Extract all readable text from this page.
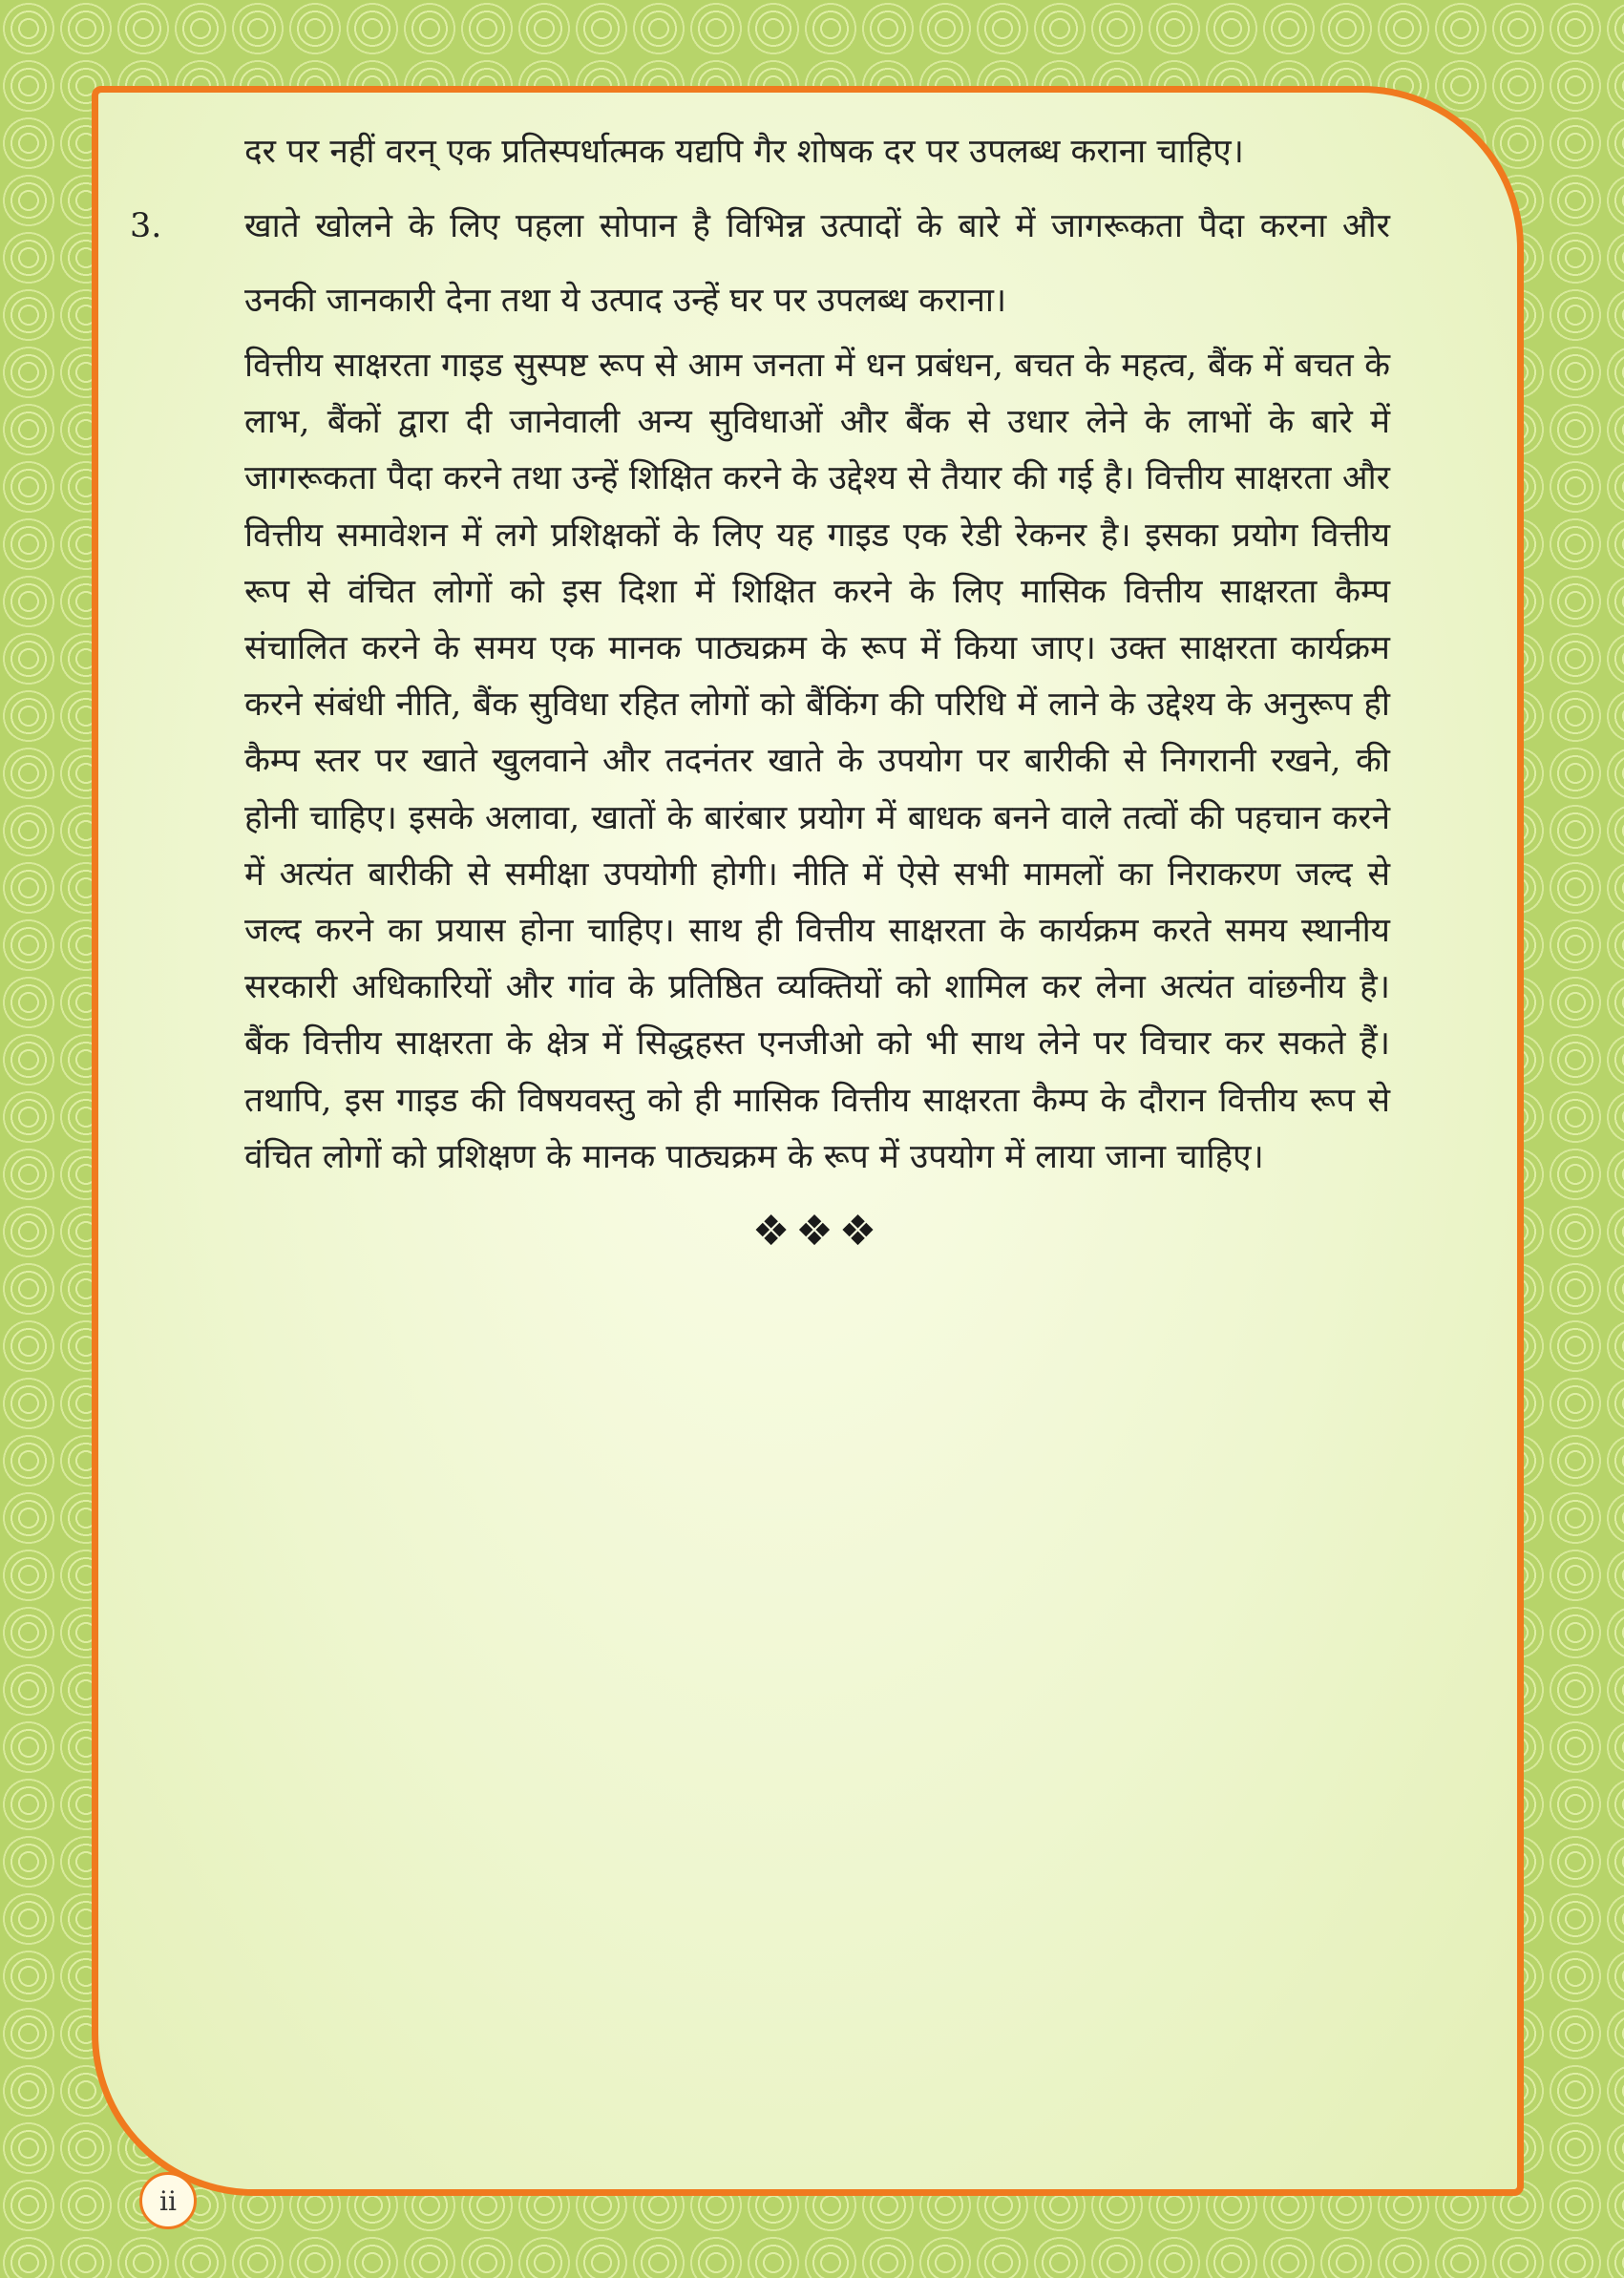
दर पर नहीं वरन् एक प्रतिस्पर्धात्मक यद्यपि गैर शोषक दर पर उपलब्ध कराना चाहिए।

3.	खाते खोलने के लिए पहला सोपान है विभिन्न उत्पादों के बारे में जागरूकता पैदा करना और उनकी जानकारी देना तथा ये उत्पाद उन्हें घर पर उपलब्ध कराना।

वित्तीय साक्षरता गाइड सुस्पष्ट रूप से आम जनता में धन प्रबंधन, बचत के महत्व, बैंक में बचत के लाभ, बैंकों द्वारा दी जानेवाली अन्य सुविधाओं और बैंक से उधार लेने के लाभों के बारे में जागरूकता पैदा करने तथा उन्हें शिक्षित करने के उद्देश्य से तैयार की गई है। वित्तीय साक्षरता और वित्तीय समावेशन में लगे प्रशिक्षकों के लिए यह गाइड एक रेडी रेकनर है। इसका प्रयोग वित्तीय रूप से वंचित लोगों को इस दिशा में शिक्षित करने के लिए मासिक वित्तीय साक्षरता कैम्प संचालित करने के समय एक मानक पाठ्यक्रम के रूप में किया जाए। उक्त साक्षरता कार्यक्रम करने संबंधी नीति, बैंक सुविधा रहित लोगों को बैंकिंग की परिधि में लाने के उद्देश्य के अनुरूप ही कैम्प स्तर पर खाते खुलवाने और तदनंतर खाते के उपयोग पर बारीकी से निगरानी रखने, की होनी चाहिए। इसके अलावा, खातों के बारंबार प्रयोग में बाधक बनने वाले तत्वों की पहचान करने में अत्यंत बारीकी से समीक्षा उपयोगी होगी। नीति में ऐसे सभी मामलों का निराकरण जल्द से जल्द करने का प्रयास होना चाहिए। साथ ही वित्तीय साक्षरता के कार्यक्रम करते समय स्थानीय सरकारी अधिकारियों और गांव के प्रतिष्ठित व्यक्तियों को शामिल कर लेना अत्यंत वांछनीय है। बैंक वित्तीय साक्षरता के क्षेत्र में सिद्धहस्त एनजीओ को भी साथ लेने पर विचार कर सकते हैं। तथापि, इस गाइड की विषयवस्तु को ही मासिक वित्तीय साक्षरता कैम्प के दौरान वित्तीय रूप से वंचित लोगों को प्रशिक्षण के मानक पाठ्यक्रम के रूप में उपयोग में लाया जाना चाहिए।

❖❖❖
ii
